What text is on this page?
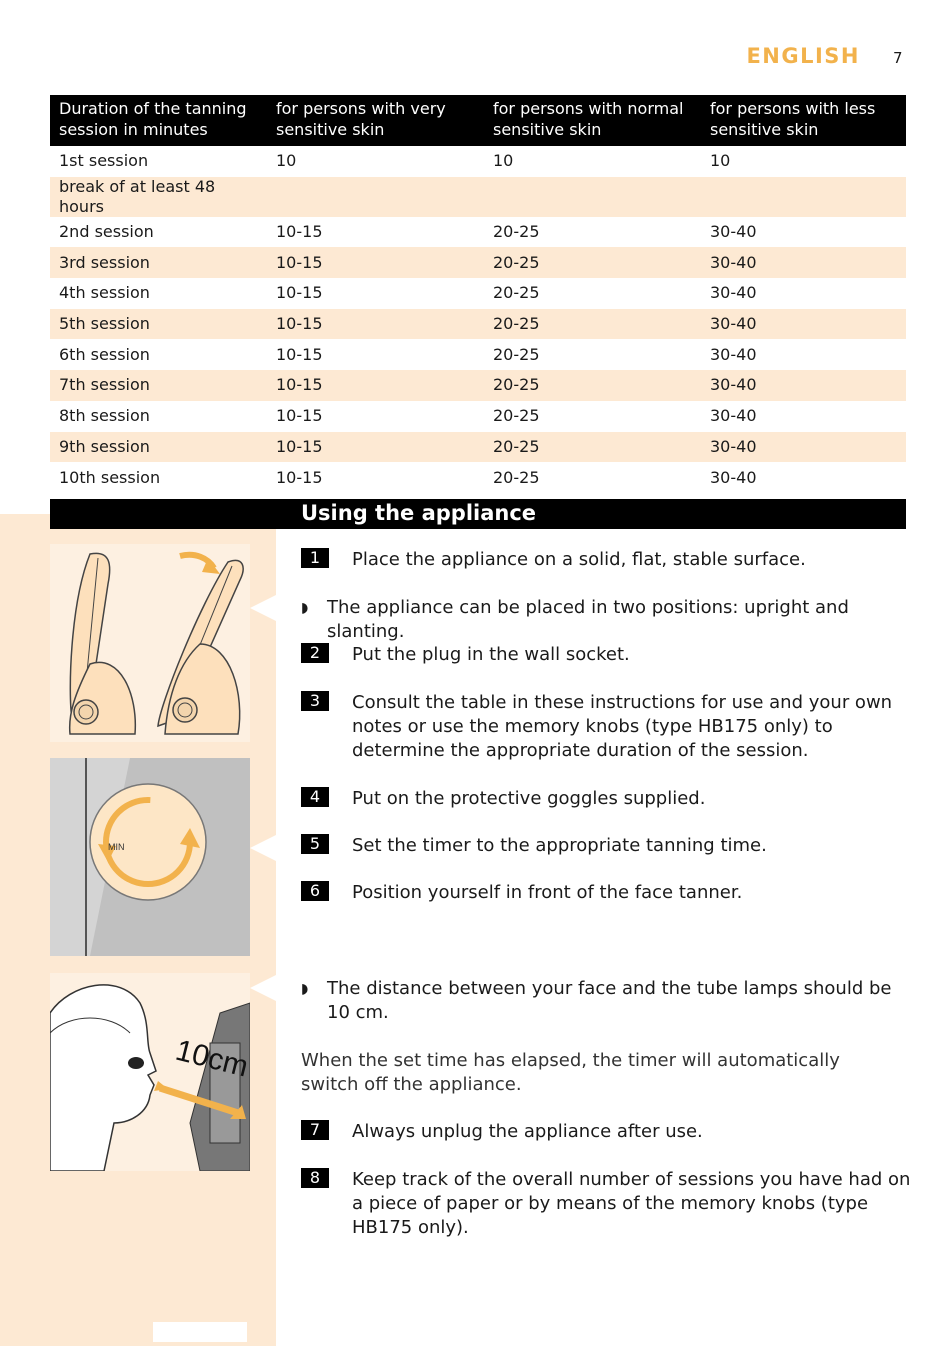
ENGLISH 7
Duration of the tanning session in minutes	for persons with very sensitive skin	for persons with normal sensitive skin	for persons with less sensitive skin
1st session	10	10	10
break of at least 48 hours			
2nd session	10-15	20-25	30-40
3rd session	10-15	20-25	30-40
4th session	10-15	20-25	30-40
5th session	10-15	20-25	30-40
6th session	10-15	20-25	30-40
7th session	10-15	20-25	30-40
8th session	10-15	20-25	30-40
9th session	10-15	20-25	30-40
10th session	10-15	20-25	30-40
Using the appliance
MIN
10cm
1	Place the appliance on a solid, flat, stable surface.
◗ The appliance can be placed in two positions: upright and slanting.
2	Put the plug in the wall socket.
3	Consult the table in these instructions for use and your own notes or use the memory knobs (type HB175 only) to determine the appropriate duration of the session.
4	Put on the protective goggles supplied.
5	Set the timer to the appropriate tanning time.
6	Position yourself in front of the face tanner.
◗ The distance between your face and the tube lamps should be 10 cm.
When the set time has elapsed, the timer will automatically switch off the appliance.
7	Always unplug the appliance after use.
8	Keep track of the overall number of sessions you have had on a piece of paper or by means of the memory knobs (type HB175 only).
